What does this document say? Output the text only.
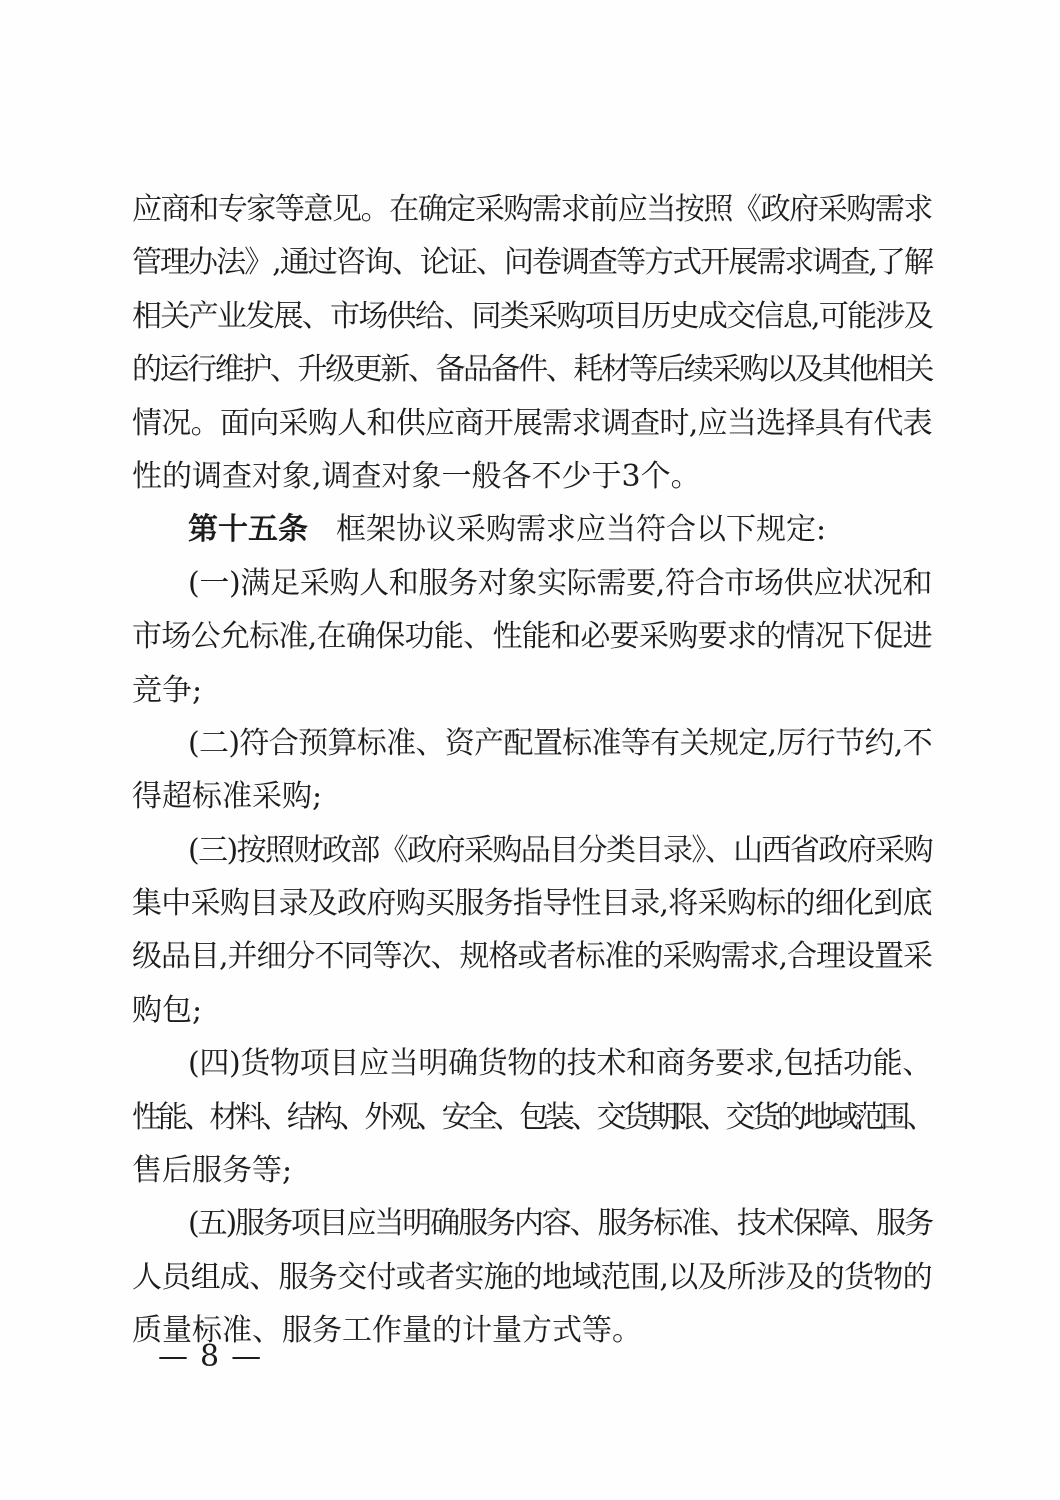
应商和专家等意见。在确定采购需求前应当按照《政府采购需求
管理办法》,通过咨询、论证、问卷调查等方式开展需求调查,了解
相关产业发展、市场供给、同类采购项目历史成交信息,可能涉及
的运行维护、升级更新、备品备件、耗材等后续采购以及其他相关
情况。面向采购人和供应商开展需求调查时,应当选择具有代表
性的调查对象,调查对象一般各不少于3个。
第十五条 框架协议采购需求应当符合以下规定:
(一)满足采购人和服务对象实际需要,符合市场供应状况和
市场公允标准,在确保功能、性能和必要采购要求的情况下促进
竞争;
(二)符合预算标准、资产配置标准等有关规定,厉行节约,不
得超标准采购;
(三)按照财政部《政府采购品目分类目录》、山西省政府采购
集中采购目录及政府购买服务指导性目录,将采购标的细化到底
级品目,并细分不同等次、规格或者标准的采购需求,合理设置采
购包;
(四)货物项目应当明确货物的技术和商务要求,包括功能、
性能、材料、结构、外观、安全、包装、交货期限、交货的地域范围、
售后服务等;
(五)服务项目应当明确服务内容、服务标准、技术保障、服务
人员组成、服务交付或者实施的地域范围,以及所涉及的货物的
质量标准、服务工作量的计量方式等。
— 8 —
